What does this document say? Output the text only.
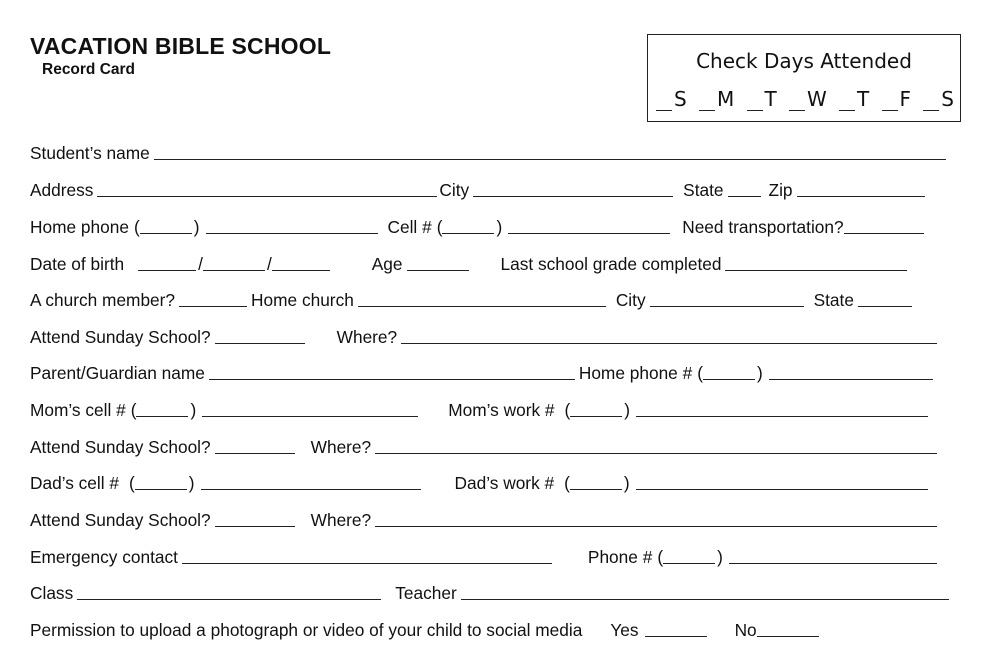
VACATION BIBLE SCHOOL
Record Card	Check Days Attended
S M T W T F S
Student’s name
Address	City	State	Zip
Home phone (	)	Cell # (	)	Need transportation?
Date of birth	/	/	Age	Last school grade completed
A church member?	Home church	City	State
Attend Sunday School?	Where?
Parent/Guardian name	Home phone # (	)
Mom’s cell # (	)	Mom’s work # (	)
Attend Sunday School?	Where?
Dad’s cell # (	)	Dad’s work # (	)
Attend Sunday School?	Where?
Emergency contact	Phone # (	)
Class	Teacher
Permission to upload a photograph or video of your child to social media Yes	No
